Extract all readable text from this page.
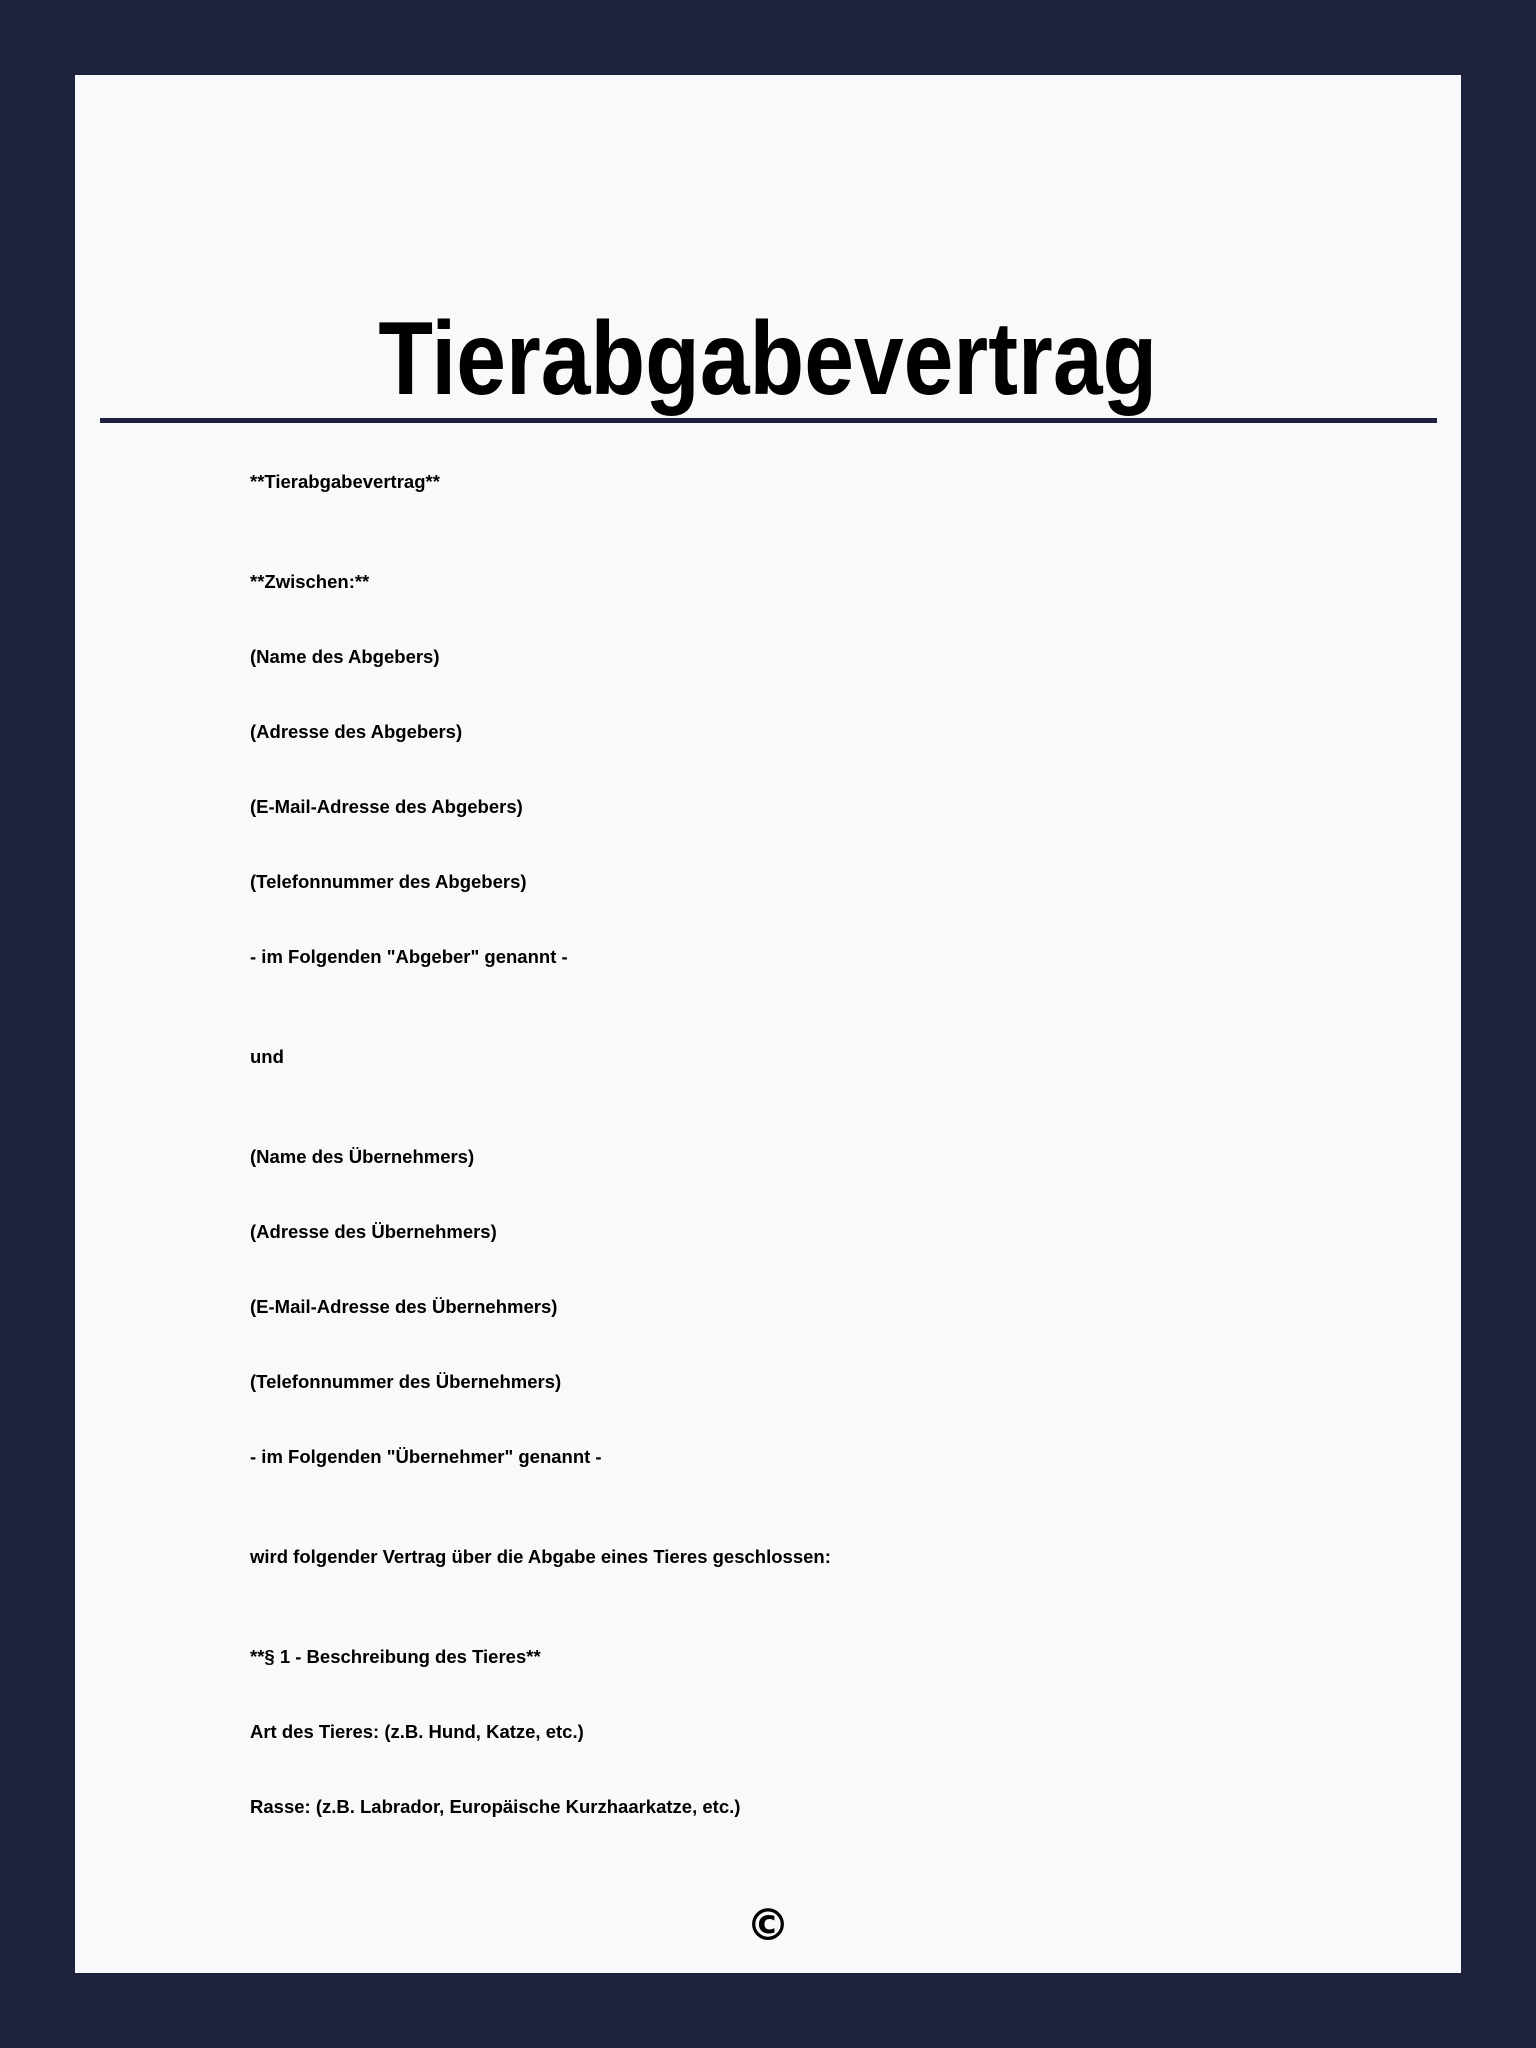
Tierabgabevertrag
**Tierabgabevertrag**
**Zwischen:**
(Name des Abgebers)
(Adresse des Abgebers)
(E-Mail-Adresse des Abgebers)
(Telefonnummer des Abgebers)
- im Folgenden "Abgeber" genannt -
und
(Name des Übernehmers)
(Adresse des Übernehmers)
(E-Mail-Adresse des Übernehmers)
(Telefonnummer des Übernehmers)
- im Folgenden "Übernehmer" genannt -
wird folgender Vertrag über die Abgabe eines Tieres geschlossen:
**§ 1 - Beschreibung des Tieres**
Art des Tieres: (z.B. Hund, Katze, etc.)
Rasse: (z.B. Labrador, Europäische Kurzhaarkatze, etc.)
©
